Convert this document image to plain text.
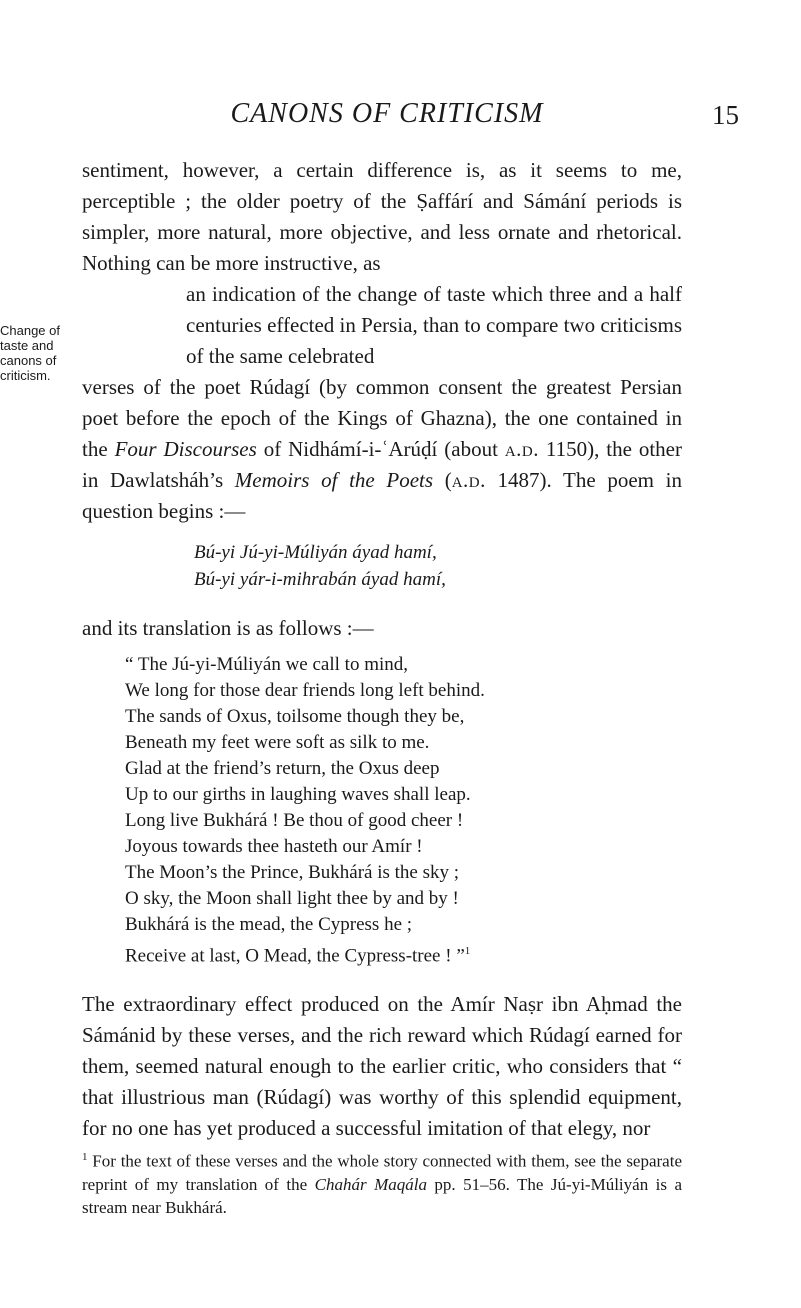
CANONS OF CRITICISM	15

sentiment, however, a certain difference is, as it seems to me, perceptible ; the older poetry of the Ṣaffárí and Sámání periods is simpler, more natural, more objective, and less ornate and rhetorical. Nothing can be more instructive, as

Change of taste and canons of criticism.

an indication of the change of taste which three and a half centuries effected in Persia, than to compare two criticisms of the same celebrated

verses of the poet Rúdagí (by common consent the greatest Persian poet before the epoch of the Kings of Ghazna), the one contained in the Four Discourses of Nidhámí-i-ʿArúḍí (about a.d. 1150), the other in Dawlatsháh’s Memoirs of the Poets (a.d. 1487). The poem in question begins :—

Bú-yi Jú-yi-Múliyán áyad hamí,
Bú-yi yár-i-mihrabán áyad hamí,

and its translation is as follows :—

“ The Jú-yi-Múliyán we call to mind,
We long for those dear friends long left behind.
The sands of Oxus, toilsome though they be,
Beneath my feet were soft as silk to me.
Glad at the friend’s return, the Oxus deep
Up to our girths in laughing waves shall leap.
Long live Bukhárá ! Be thou of good cheer !
Joyous towards thee hasteth our Amír !
The Moon’s the Prince, Bukhárá is the sky ;
O sky, the Moon shall light thee by and by !
Bukhárá is the mead, the Cypress he ;
Receive at last, O Mead, the Cypress-tree ! ”$^1$

The extraordinary effect produced on the Amír Naṣr ibn Aḥmad the Sámánid by these verses, and the rich reward which Rúdagí earned for them, seemed natural enough to the earlier critic, who considers that “ that illustrious man (Rúdagí) was worthy of this splendid equipment, for no one has yet produced a successful imitation of that elegy, nor

$^1$ For the text of these verses and the whole story connected with them, see the separate reprint of my translation of the Chahár Maqála pp. 51–56. The Jú-yi-Múliyán is a stream near Bukhárá.
